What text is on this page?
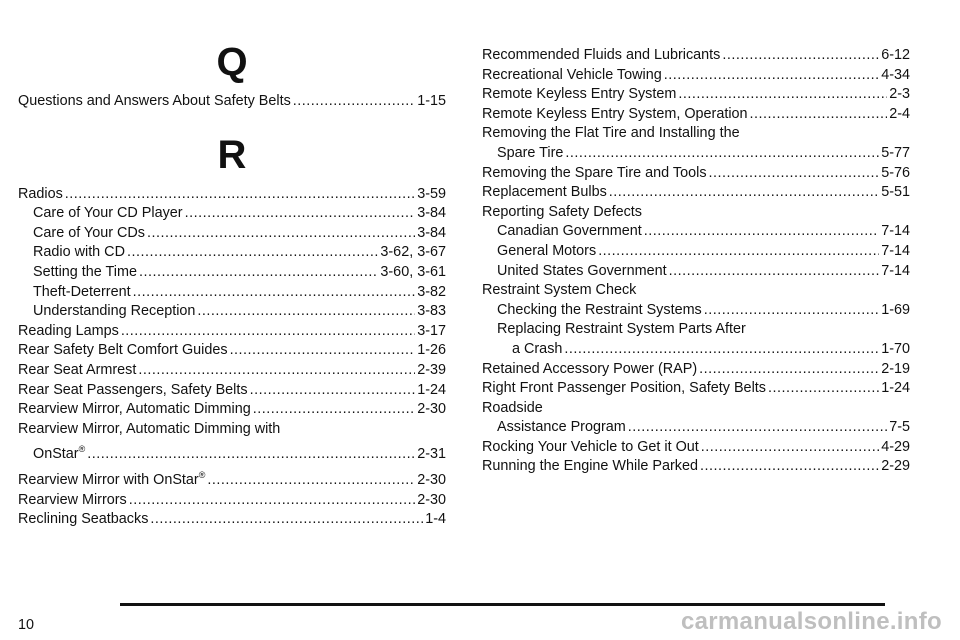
Q
Questions and Answers About Safety Belts .....	1-15
R
Radios .....	3-59
Care of Your CD Player .....	3-84
Care of Your CDs .....	3-84
Radio with CD .....	3-62, 3-67
Setting the Time .....	3-60, 3-61
Theft-Deterrent .....	3-82
Understanding Reception .....	3-83
Reading Lamps .....	3-17
Rear Safety Belt Comfort Guides .....	1-26
Rear Seat Armrest .....	2-39
Rear Seat Passengers, Safety Belts .....	1-24
Rearview Mirror, Automatic Dimming .....	2-30
Rearview Mirror, Automatic Dimming with
OnStar® .....	2-31
Rearview Mirror with OnStar® .....	2-30
Rearview Mirrors .....	2-30
Reclining Seatbacks .....	1-4
Recommended Fluids and Lubricants .....	6-12
Recreational Vehicle Towing .....	4-34
Remote Keyless Entry System .....	2-3
Remote Keyless Entry System, Operation .....	2-4
Removing the Flat Tire and Installing the
Spare Tire .....	5-77
Removing the Spare Tire and Tools .....	5-76
Replacement Bulbs .....	5-51
Reporting Safety Defects
Canadian Government .....	7-14
General Motors .....	7-14
United States Government .....	7-14
Restraint System Check
Checking the Restraint Systems .....	1-69
Replacing Restraint System Parts After
a Crash .....	1-70
Retained Accessory Power (RAP) .....	2-19
Right Front Passenger Position, Safety Belts .....	1-24
Roadside
Assistance Program .....	7-5
Rocking Your Vehicle to Get it Out .....	4-29
Running the Engine While Parked .....	2-29
10	carmanualsonline.info
